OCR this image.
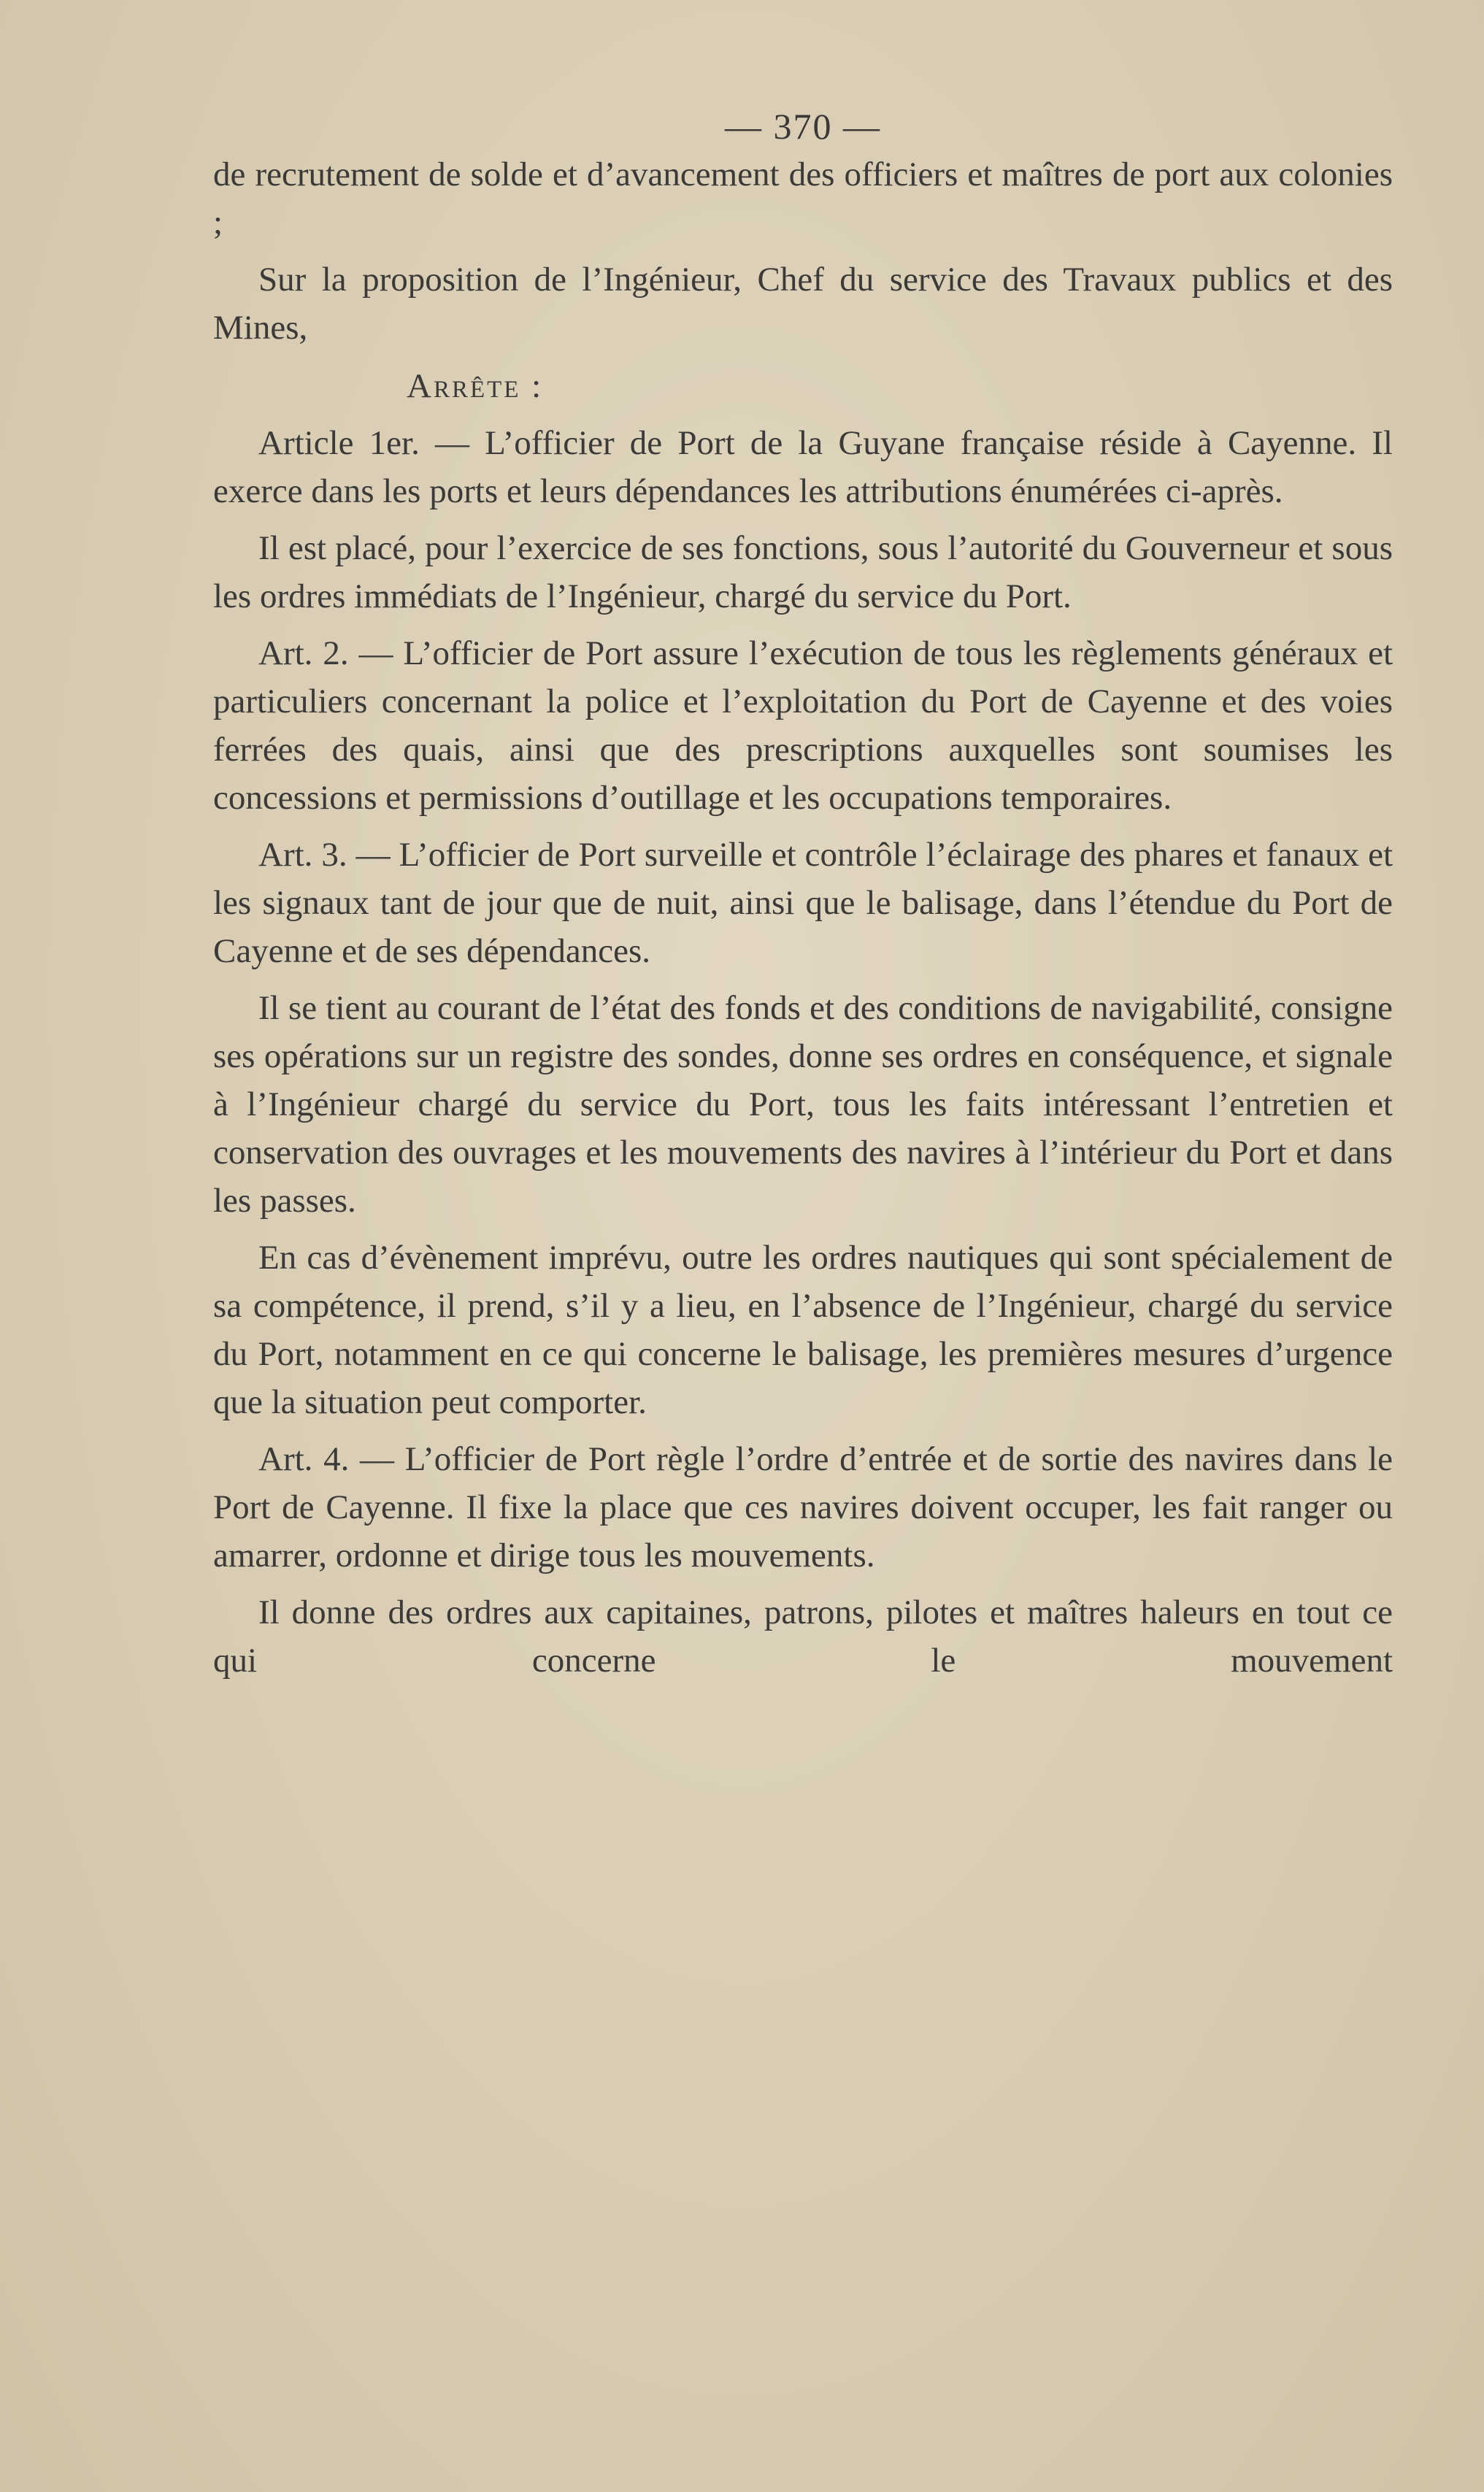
— 370 —

de recrutement de solde et d’avancement des officiers et maîtres de port aux colonies ;

Sur la proposition de l’Ingénieur, Chef du service des Travaux publics et des Mines,

Arrête :

Article 1er. — L’officier de Port de la Guyane française réside à Cayenne. Il exerce dans les ports et leurs dépendances les attributions énumérées ci-après.

Il est placé, pour l’exercice de ses fonctions, sous l’autorité du Gouverneur et sous les ordres immédiats de l’Ingénieur, chargé du service du Port.

Art. 2. — L’officier de Port assure l’exécution de tous les règlements généraux et particuliers concernant la police et l’exploitation du Port de Cayenne et des voies ferrées des quais, ainsi que des prescriptions auxquelles sont soumises les concessions et permissions d’outillage et les occupations temporaires.

Art. 3. — L’officier de Port surveille et contrôle l’éclairage des phares et fanaux et les signaux tant de jour que de nuit, ainsi que le balisage, dans l’étendue du Port de Cayenne et de ses dépendances.

Il se tient au courant de l’état des fonds et des conditions de navigabilité, consigne ses opérations sur un registre des sondes, donne ses ordres en conséquence, et signale à l’Ingénieur chargé du service du Port, tous les faits intéressant l’entretien et conservation des ouvrages et les mouvements des navires à l’intérieur du Port et dans les passes.

En cas d’évènement imprévu, outre les ordres nautiques qui sont spécialement de sa compétence, il prend, s’il y a lieu, en l’absence de l’Ingénieur, chargé du service du Port, notamment en ce qui concerne le balisage, les premières mesures d’urgence que la situation peut comporter.

Art. 4. — L’officier de Port règle l’ordre d’entrée et de sortie des navires dans le Port de Cayenne. Il fixe la place que ces navires doivent occuper, les fait ranger ou amarrer, ordonne et dirige tous les mouvements.

Il donne des ordres aux capitaines, patrons, pilotes et maîtres haleurs en tout ce qui concerne le mouvement
